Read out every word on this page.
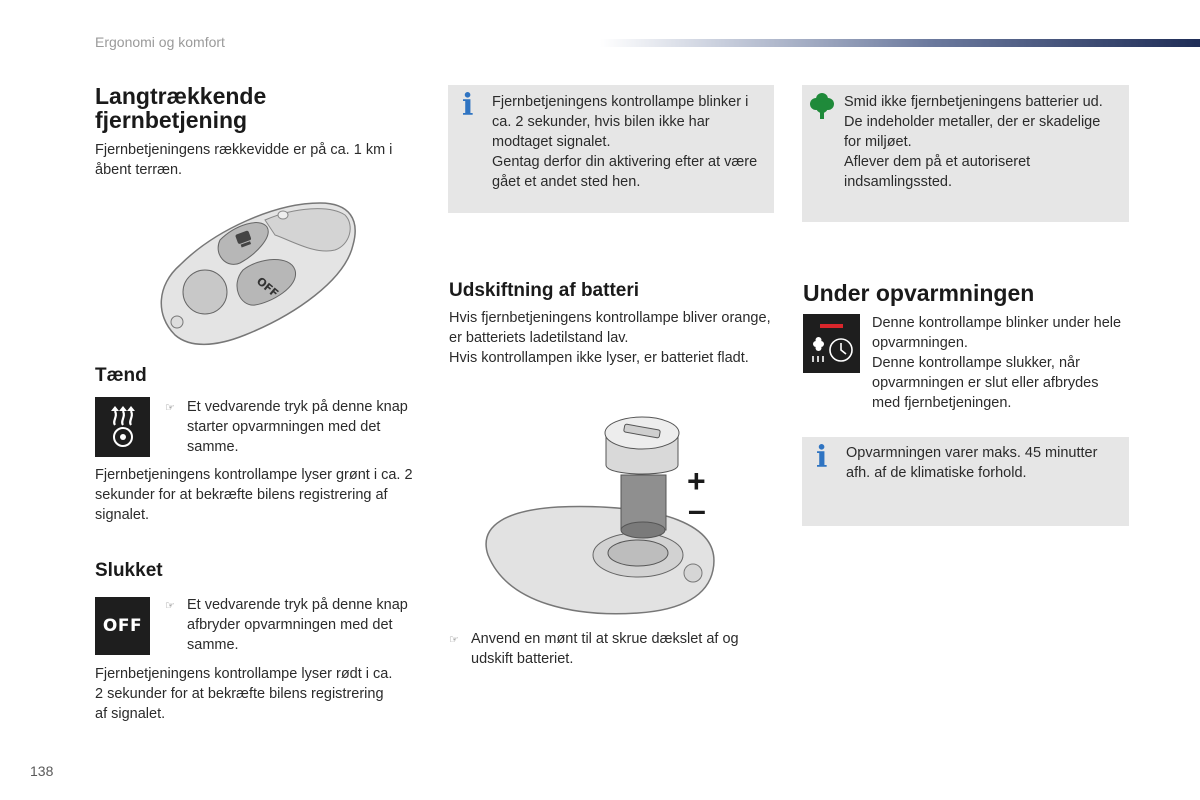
Ergonomi og komfort
Langtrækkende fjernbetjening
Fjernbetjeningens rækkevidde er på ca. 1 km i åbent terræn.
OFF
Tænd
☞ Et vedvarende tryk på denne knap starter opvarmningen med det samme.
Fjernbetjeningens kontrollampe lyser grønt i ca. 2 sekunder for at bekræfte bilens registrering af signalet.
Slukket
OFF
☞ Et vedvarende tryk på denne knap afbryder opvarmningen med det samme.
Fjernbetjeningens kontrollampe lyser rødt i ca. 2 sekunder for at bekræfte bilens registrering af signalet.
i Fjernbetjeningens kontrollampe blinker i ca. 2 sekunder, hvis bilen ikke har modtaget signalet.
Gentag derfor din aktivering efter at være gået et andet sted hen.
Udskiftning af batteri
Hvis fjernbetjeningens kontrollampe bliver orange, er batteriets ladetilstand lav.
Hvis kontrollampen ikke lyser, er batteriet fladt.
+
–
☞ Anvend en mønt til at skrue dækslet af og udskift batteriet.
Smid ikke fjernbetjeningens batterier ud. De indeholder metaller, der er skadelige for miljøet.
Aflever dem på et autoriseret indsamlingssted.
Under opvarmningen
Denne kontrollampe blinker under hele opvarmningen.
Denne kontrollampe slukker, når opvarmningen er slut eller afbrydes med fjernbetjeningen.
i Opvarmningen varer maks. 45 minutter afh. af de klimatiske forhold.
138
